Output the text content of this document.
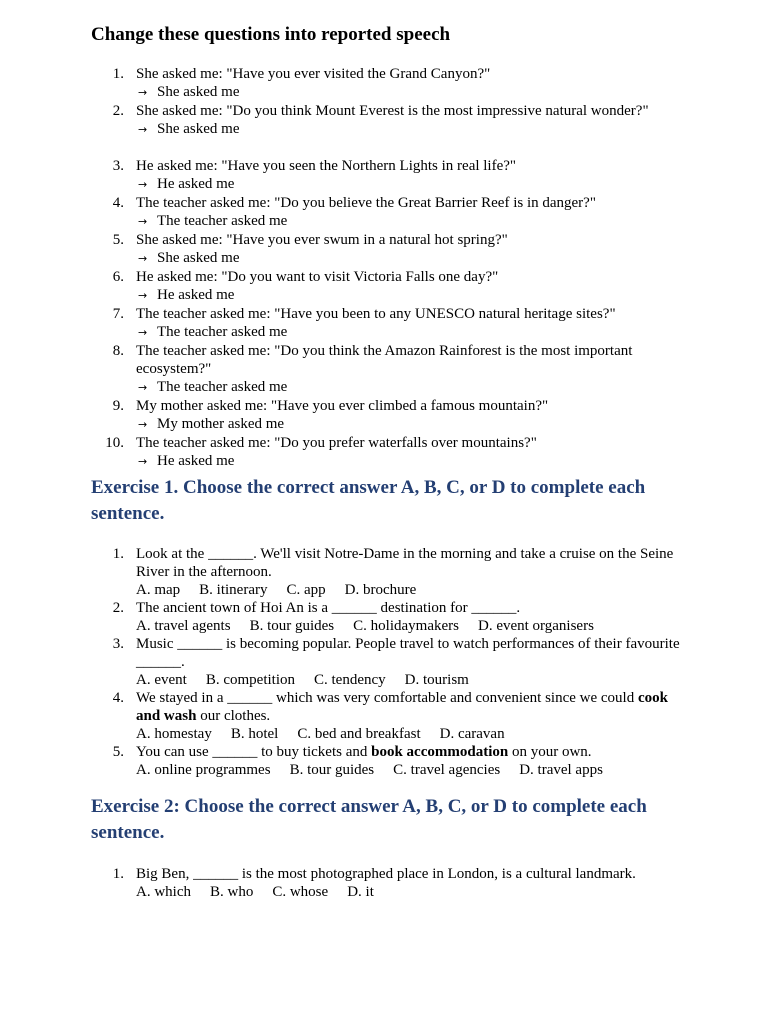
Change these questions into reported speech
1. She asked me: "Have you ever visited the Grand Canyon?"
→ She asked me
2. She asked me: "Do you think Mount Everest is the most impressive natural wonder?"
→ She asked me
3. He asked me: "Have you seen the Northern Lights in real life?"
→ He asked me
4. The teacher asked me: "Do you believe the Great Barrier Reef is in danger?"
→ The teacher asked me
5. She asked me: "Have you ever swum in a natural hot spring?"
→ She asked me
6. He asked me: "Do you want to visit Victoria Falls one day?"
→ He asked me
7. The teacher asked me: "Have you been to any UNESCO natural heritage sites?"
→ The teacher asked me
8. The teacher asked me: "Do you think the Amazon Rainforest is the most important ecosystem?"
→ The teacher asked me
9. My mother asked me: "Have you ever climbed a famous mountain?"
→ My mother asked me
10. The teacher asked me: "Do you prefer waterfalls over mountains?"
→ He asked me
Exercise 1. Choose the correct answer A, B, C, or D to complete each sentence.
1. Look at the ______. We'll visit Notre-Dame in the morning and take a cruise on the Seine River in the afternoon.
A. map B. itinerary C. app D. brochure
2. The ancient town of Hoi An is a ______ destination for ______.
A. travel agents B. tour guides C. holidaymakers D. event organisers
3. Music ______ is becoming popular. People travel to watch performances of their favourite ______.
A. event B. competition C. tendency D. tourism
4. We stayed in a ______ which was very comfortable and convenient since we could cook and wash our clothes.
A. homestay B. hotel C. bed and breakfast D. caravan
5. You can use ______ to buy tickets and book accommodation on your own.
A. online programmes B. tour guides C. travel agencies D. travel apps
Exercise 2: Choose the correct answer A, B, C, or D to complete each sentence.
1. Big Ben, ______ is the most photographed place in London, is a cultural landmark.
A. which B. who C. whose D. it
